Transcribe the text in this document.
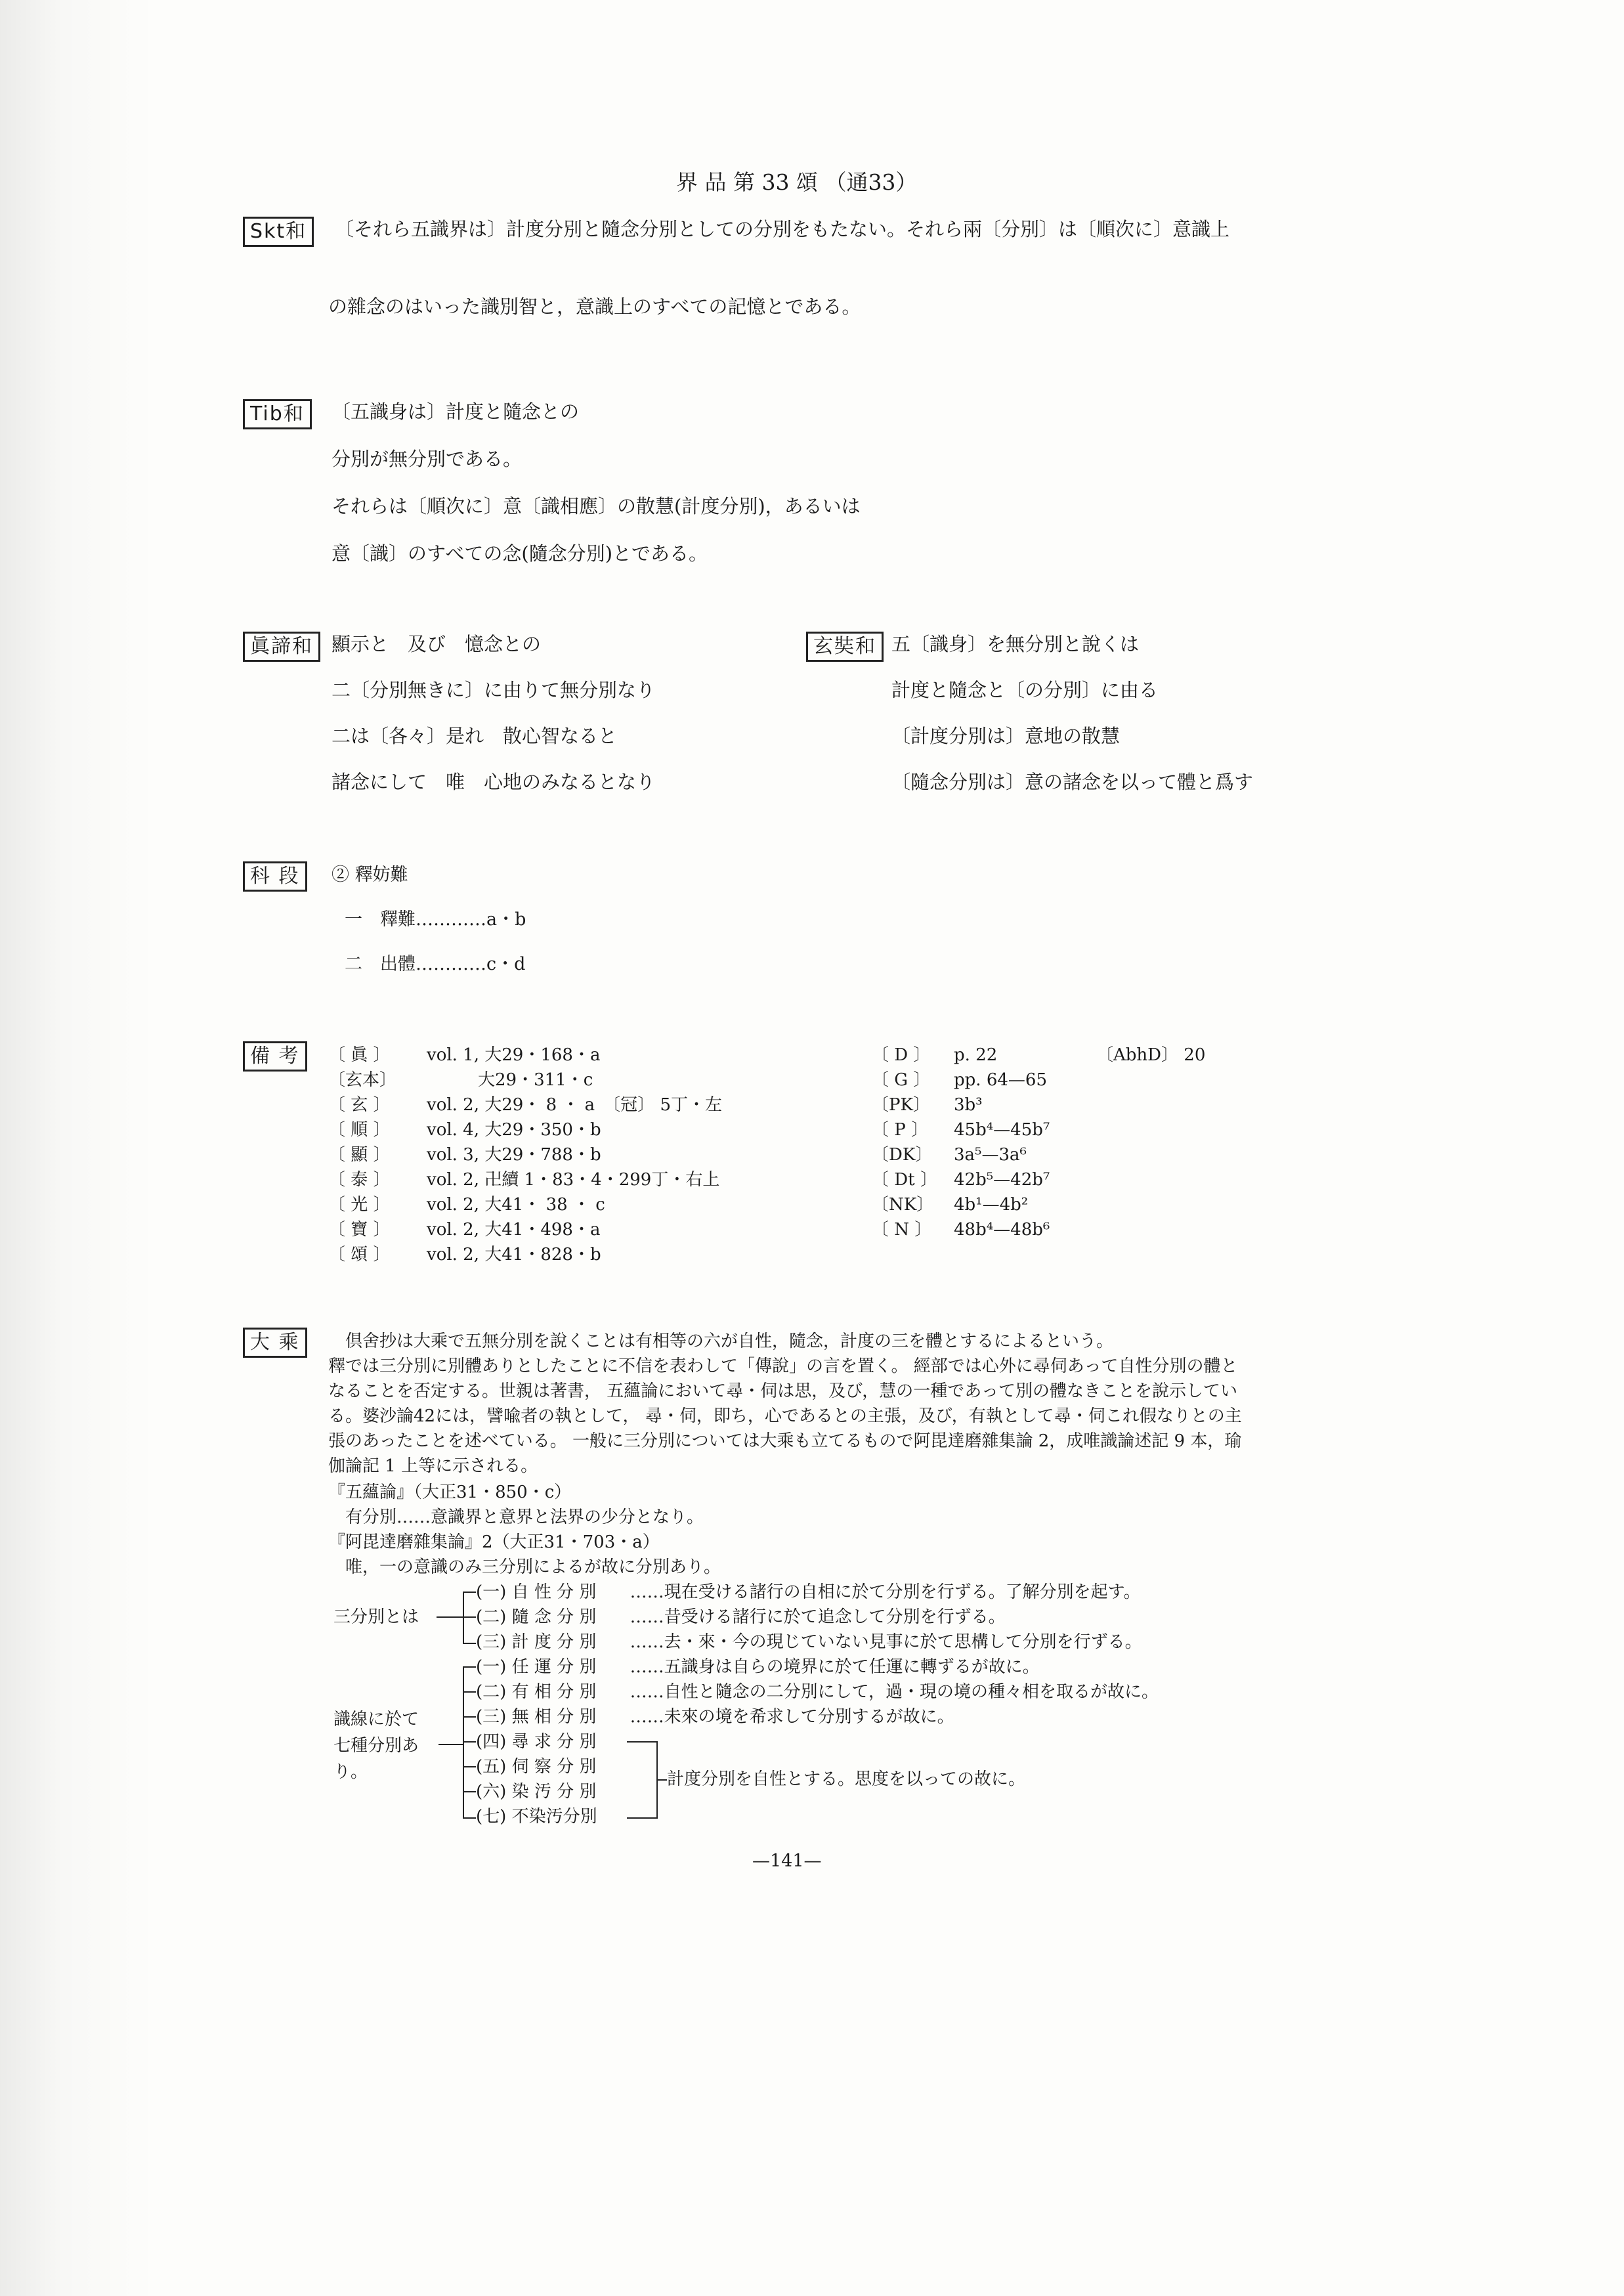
界 品 第 33 頌 （通33）
Skt和	〔それら五識界は〕計度分別と隨念分別としての分別をもたない。それら兩〔分別〕は〔順次に〕意識上
の雜念のはいった識別智と，意識上のすべての記憶とである。
Tib和	〔五識身は〕計度と隨念との
分別が無分別である。
それらは〔順次に〕意〔識相應〕の散慧(計度分別)，あるいは
意〔識〕のすべての念(隨念分別)とである。
眞諦和 顯示と　及び　憶念との
二〔分別無きに〕に由りて無分別なり
二は〔各々〕是れ　散心智なると
諸念にして　唯　心地のみなるとなり
玄奘和 五〔識身〕を無分別と說くは
計度と隨念と〔の分別〕に由る
〔計度分別は〕意地の散慧
〔隨念分別は〕意の諸念を以って體と爲す
科 段	② 釋妨難
一　釋難…………a・b
二　出體…………c・d
備 考	〔 眞 〕 vol. 1, 大29・168・a
〔玄本〕　　　大29・311・c
〔 玄 〕 vol. 2, 大29・ 8 ・ a　〔冠〕 5丁・左
〔 順 〕 vol. 4, 大29・350・b
〔 顯 〕 vol. 3, 大29・788・b
〔 泰 〕 vol. 2, 卍續 1・83・4・299丁・右上
〔 光 〕 vol. 2, 大41・ 38 ・ c
〔 寶 〕 vol. 2, 大41・498・a
〔 頌 〕 vol. 2, 大41・828・b
〔 D 〕 p. 22	〔AbhD〕 20
〔 G 〕 pp. 64—65
〔PK〕 3b³
〔 P 〕 45b⁴—45b⁷
〔DK〕 3a⁵—3a⁶
〔 Dt 〕 42b⁵—42b⁷
〔NK〕 4b¹—4b²
〔 N 〕 48b⁴—48b⁶
大 乘	　倶舍抄は大乘で五無分別を說くことは有相等の六が自性，隨念，計度の三を體とするによるという。
釋では三分別に別體ありとしたことに不信を表わして「傳說」の言を置く。 經部では心外に尋伺あって自性分別の體と
なることを否定する。世親は著書， 五蘊論において尋・伺は思，及び，慧の一種であって別の體なきことを說示してい
る。婆沙論42には，譬喩者の執として， 尋・伺，即ち，心であるとの主張，及び，有執として尋・伺これ假なりとの主
張のあったことを述べている。 一般に三分別については大乘も立てるもので阿毘達磨雜集論 2，成唯識論述記 9 本，瑜
伽論記 1 上等に示される。
『五蘊論』（大正31・850・c）
　有分別……意識界と意界と法界の少分となり。
『阿毘達磨雜集論』2（大正31・703・a）
　唯，一の意識のみ三分別によるが故に分別あり。
三分別とは
(一) 自 性 分 別 ……現在受ける諸行の自相に於て分別を行ずる。了解分別を起す。
(二) 隨 念 分 別 ……昔受ける諸行に於て追念して分別を行ずる。
(三) 計 度 分 別 ……去・來・今の現じていない見事に於て思構して分別を行ずる。
識線に於て
七種分別あ
り。
(一) 任 運 分 別 ……五識身は自らの境界に於て任運に轉ずるが故に。
(二) 有 相 分 別 ……自性と隨念の二分別にして，過・現の境の種々相を取るが故に。
(三) 無 相 分 別 ……未來の境を希求して分別するが故に。
(四) 尋 求 分 別
(五) 伺 察 分 別
(六) 染 汚 分 別
(七) 不染汚分別
計度分別を自性とする。思度を以っての故に。
—141—
